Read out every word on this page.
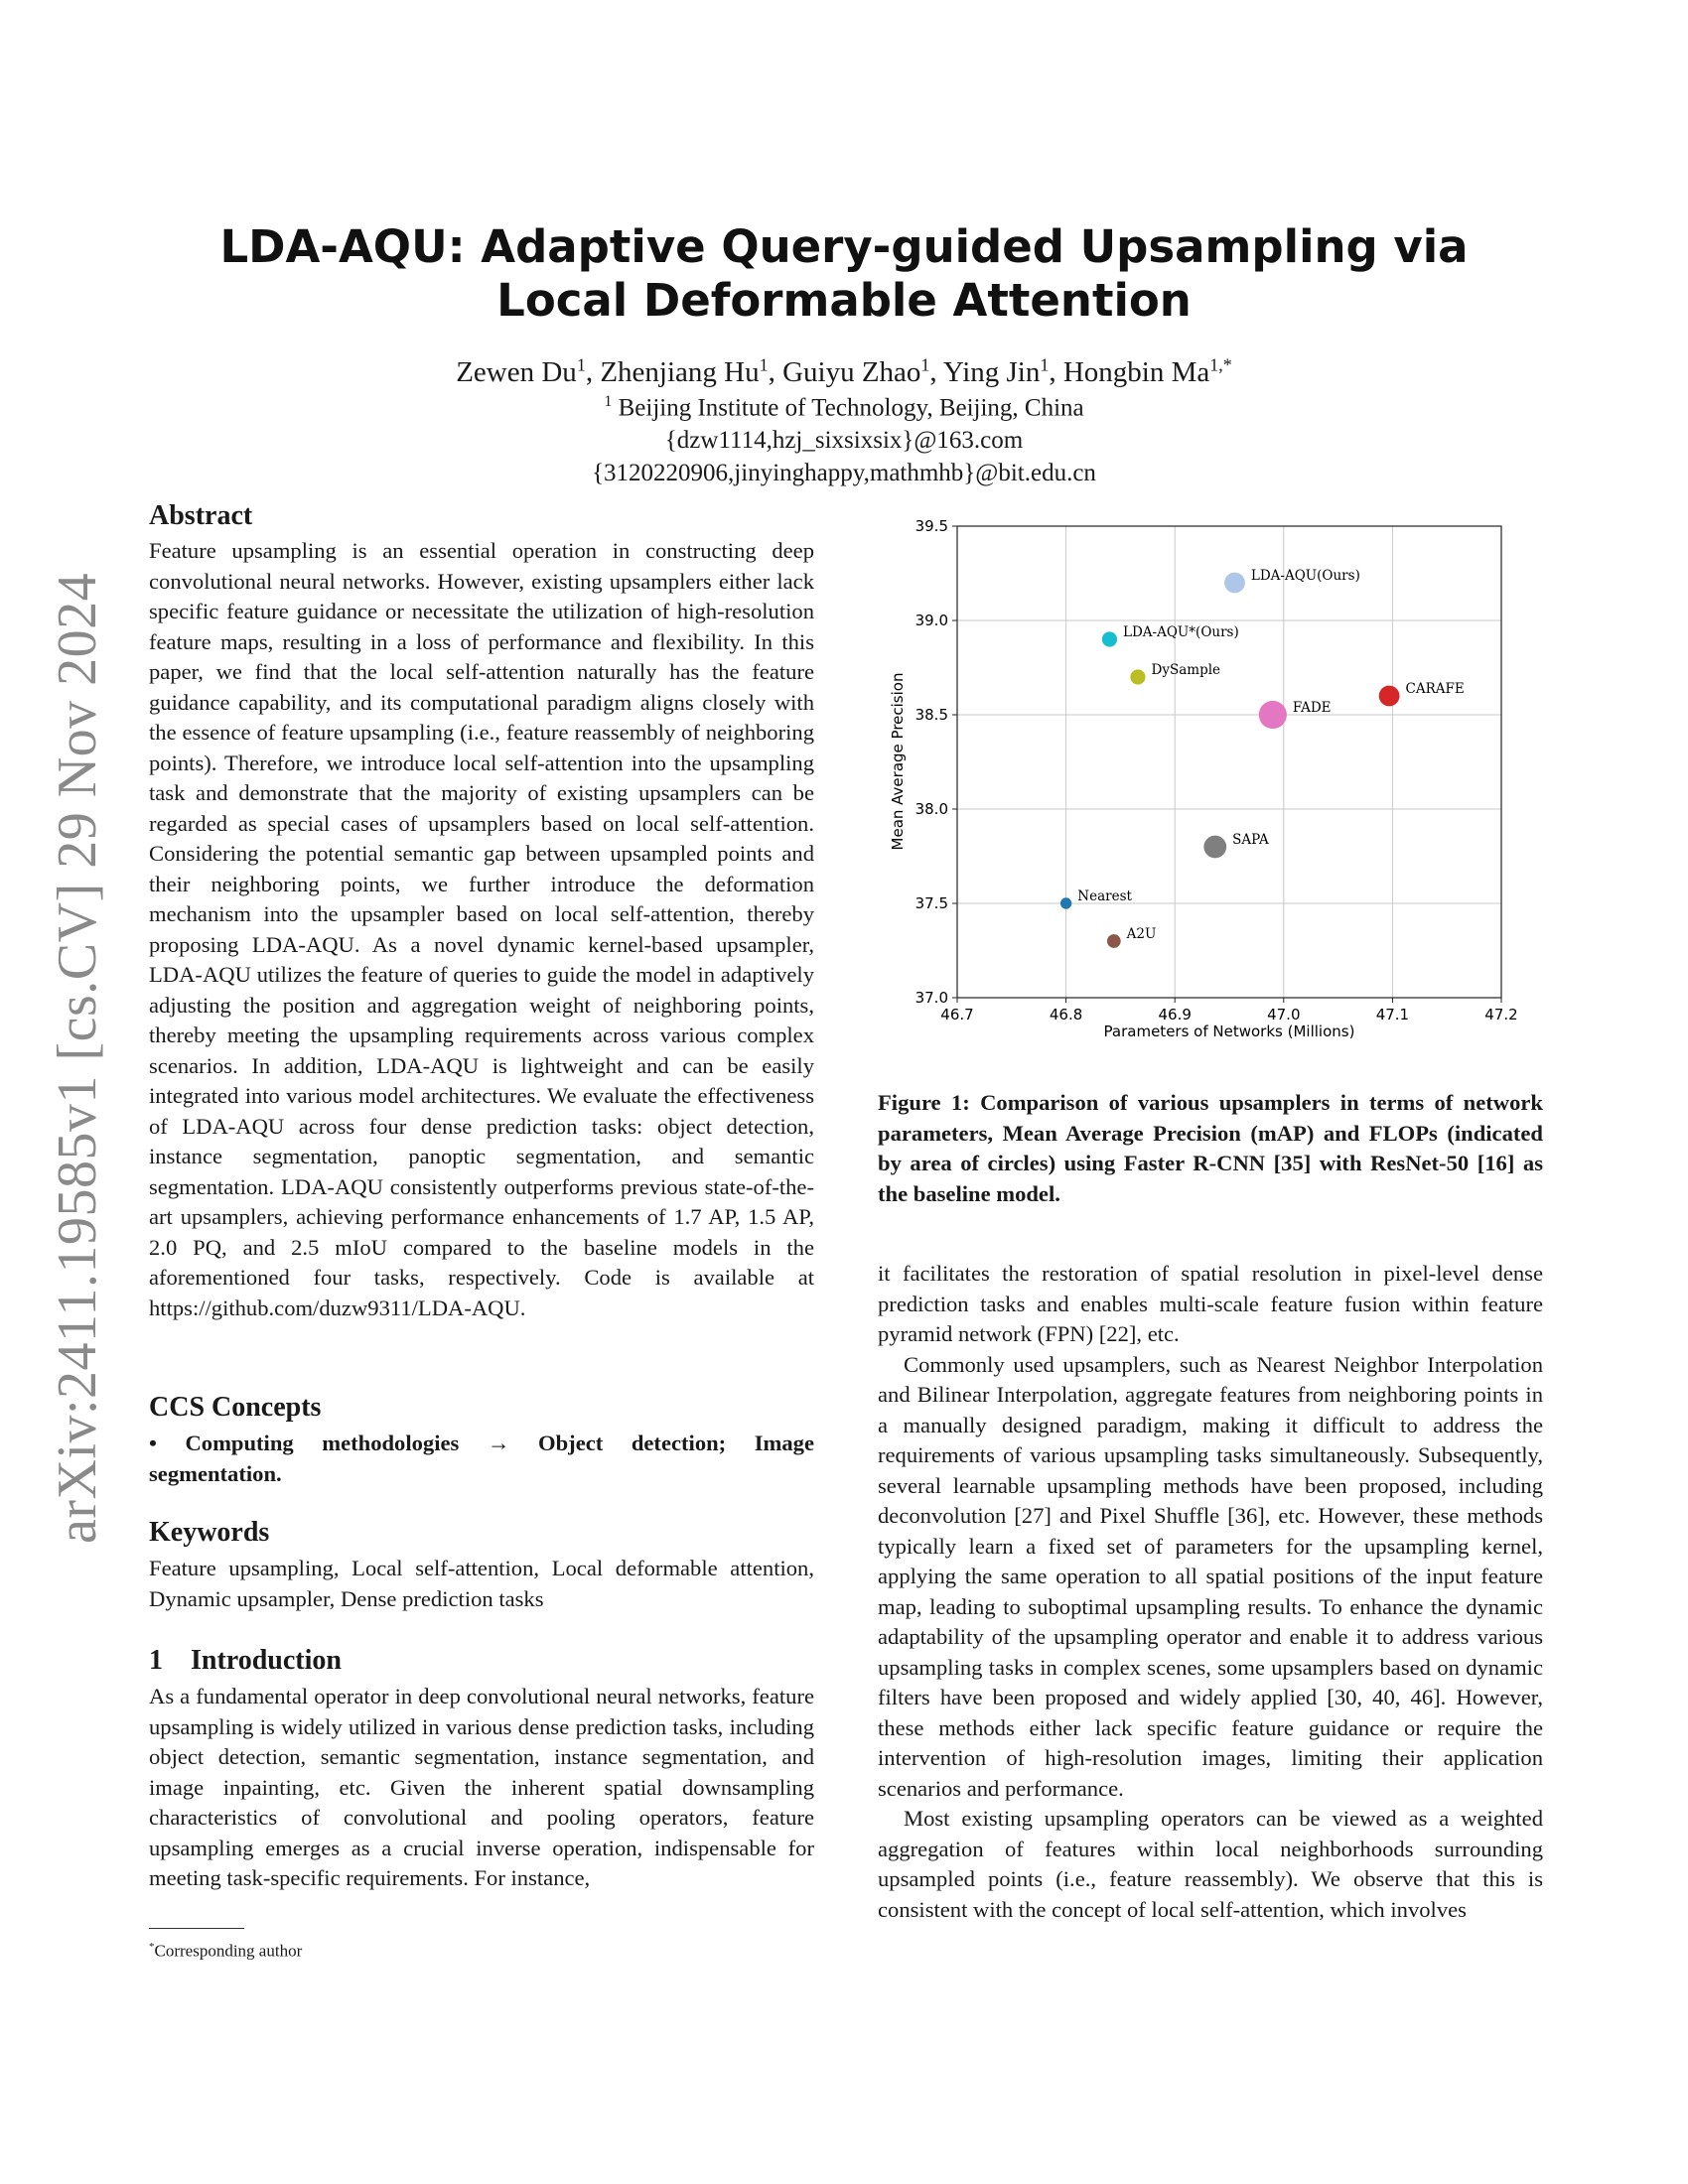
arXiv:2411.19585v1 [cs.CV] 29 Nov 2024
LDA-AQU: Adaptive Query-guided Upsampling via Local Deformable Attention
Zewen Du$^1$, Zhenjiang Hu$^1$, Guiyu Zhao$^1$, Ying Jin$^1$, Hongbin $Ma^{1,*}$
$^1$ Beijing Institute of Technology, Beijing, China
{dzw1114,hzj_sixsixsix}@163.com
{3120220906,jinyinghappy,mathmhb}@bit.edu.cn
Abstract

Feature upsampling is an essential operation in constructing deep convolutional neural networks. However, existing upsamplers either lack specific feature guidance or necessitate the utilization of high-resolution feature maps, resulting in a loss of performance and flexibility. In this paper, we find that the local self-attention naturally has the feature guidance capability, and its computational paradigm aligns closely with the essence of feature upsampling (i.e., feature reassembly of neighboring points). Therefore, we introduce local self-attention into the upsampling task and demonstrate that the majority of existing upsamplers can be regarded as special cases of upsamplers based on local self-attention. Considering the potential semantic gap between upsampled points and their neighboring points, we further introduce the deformation mechanism into the upsampler based on local self-attention, thereby proposing LDA-AQU. As a novel dynamic kernel-based upsampler, LDA-AQU utilizes the feature of queries to guide the model in adaptively adjusting the position and aggregation weight of neighboring points, thereby meeting the upsampling requirements across various complex scenarios. In addition, LDA-AQU is lightweight and can be easily integrated into various model architectures. We evaluate the effectiveness of LDA-AQU across four dense prediction tasks: object detection, instance segmentation, panoptic segmentation, and semantic segmentation. LDA-AQU consistently outperforms previous state-of-the-art upsamplers, achieving performance enhancements of 1.7 AP, 1.5 AP, 2.0 PQ, and 2.5 mIoU compared to the baseline models in the aforementioned four tasks, respectively. Code is available at https://github.com/duzw9311/LDA-AQU.

CCS Concepts

• Computing methodologies → Object detection; Image segmentation.

Keywords

Feature upsampling, Local self-attention, Local deformable attention, Dynamic upsampler, Dense prediction tasks

1    Introduction

As a fundamental operator in deep convolutional neural networks, feature upsampling is widely utilized in various dense prediction tasks, including object detection, semantic segmentation, instance segmentation, and image inpainting, etc. Given the inherent spatial downsampling characteristics of convolutional and pooling operators, feature upsampling emerges as a crucial inverse operation, indispensable for meeting task-specific requirements. For instance,

46.7	46.8	46.9	47.0	47.1	47.2
37.0
37.5
38.0
38.5
39.0
39.5
LDA-AQU(Ours)
LDA-AQU*(Ours)
DySample
FADE
CARAFE
SAPA
Nearest
A2U
Parameters of Networks (Millions)
Mean Average Precision
Figure 1: Comparison of various upsamplers in terms of network parameters, Mean Average Precision (mAP) and FLOPs (indicated by area of circles) using Faster R-CNN [35] with ResNet-50 [16] as the baseline model.

it facilitates the restoration of spatial resolution in pixel-level dense prediction tasks and enables multi-scale feature fusion within feature pyramid network (FPN) [22], etc.

Commonly used upsamplers, such as Nearest Neighbor Interpolation and Bilinear Interpolation, aggregate features from neighboring points in a manually designed paradigm, making it difficult to address the requirements of various upsampling tasks simultaneously. Subsequently, several learnable upsampling methods have been proposed, including deconvolution [27] and Pixel Shuffle [36], etc. However, these methods typically learn a fixed set of parameters for the upsampling kernel, applying the same operation to all spatial positions of the input feature map, leading to suboptimal upsampling results. To enhance the dynamic adaptability of the upsampling operator and enable it to address various upsampling tasks in complex scenes, some upsamplers based on dynamic filters have been proposed and widely applied [30, 40, 46]. However, these methods either lack specific feature guidance or require the intervention of high-resolution images, limiting their application scenarios and performance.

Most existing upsampling operators can be viewed as a weighted aggregation of features within local neighborhoods surrounding upsampled points (i.e., feature reassembly). We observe that this is consistent with the concept of local self-attention, which involves

*Corresponding author
